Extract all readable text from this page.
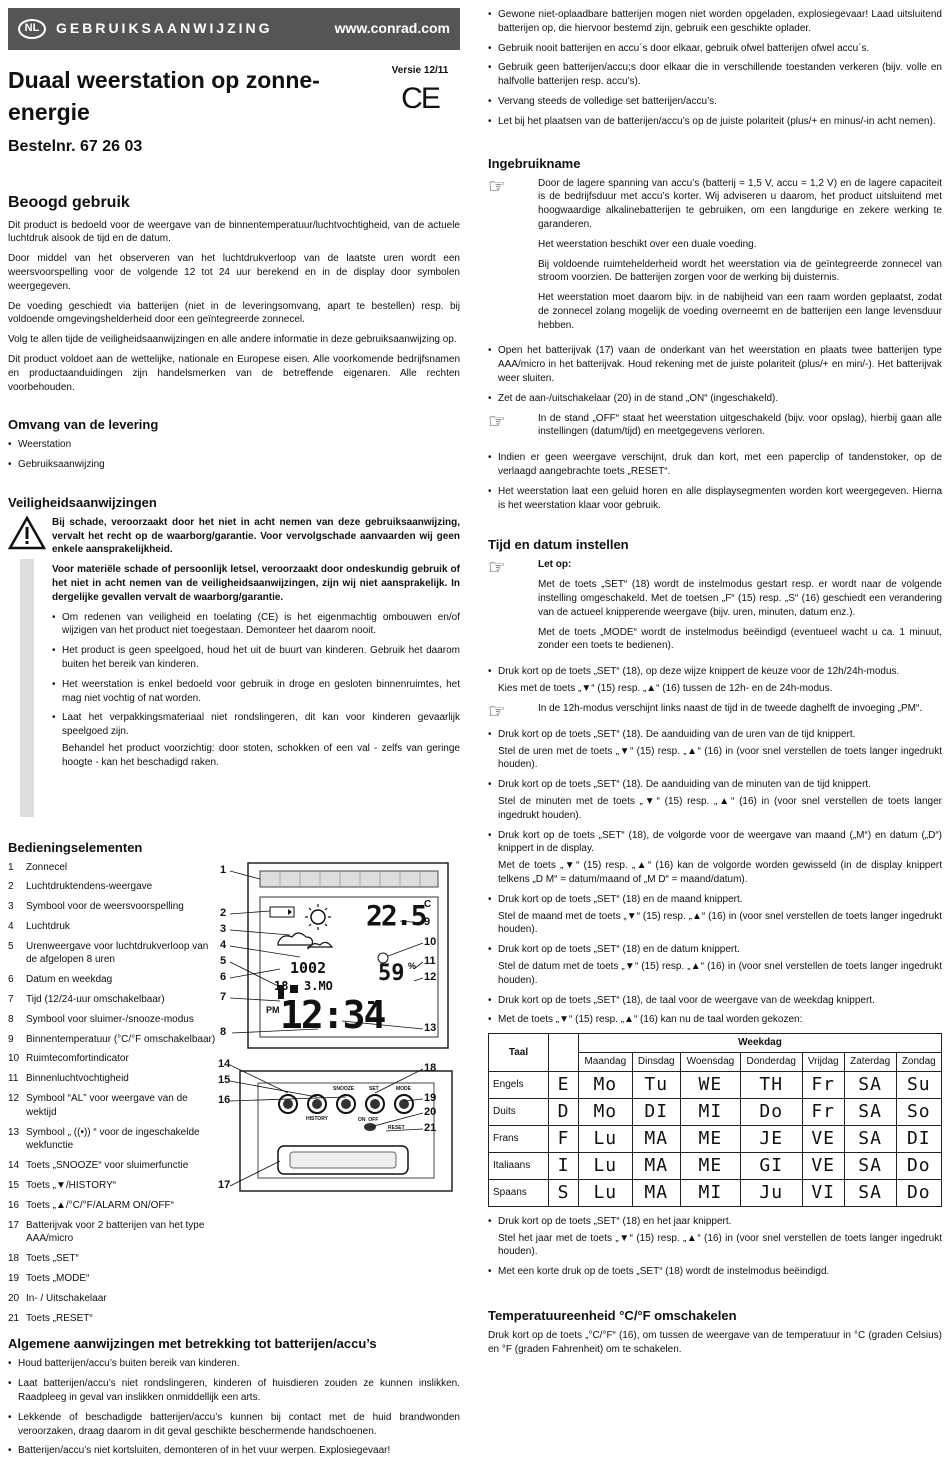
NL	GEBRUIKSAANWIJZING	www.conrad.com
Duaal weerstation op zonne-energie
Versie 12/11
CE
Bestelnr. 67 26 03
Beoogd gebruik

Dit product is bedoeld voor de weergave van de binnentemperatuur/luchtvochtigheid, van de actuele luchtdruk alsook de tijd en de datum.

Door middel van het observeren van het luchtdrukverloop van de laatste uren wordt een weersvoorspelling voor de volgende 12 tot 24 uur berekend en in de display door symbolen weergegeven.

De voeding geschiedt via batterijen (niet in de leveringsomvang, apart te bestellen) resp. bij voldoende omgevingshelderheid door een geïntegreerde zonnecel.

Volg te allen tijde de veiligheidsaanwijzingen en alle andere informatie in deze gebruiksaanwijzing op.

Dit product voldoet aan de wettelijke, nationale en Europese eisen. Alle voorkomende bedrijfsnamen en productaanduidingen zijn handelsmerken van de betreffende eigenaren. Alle rechten voorbehouden.

Omvang van de levering
• Weerstation
• Gebruiksaanwijzing
Veiligheidsaanwijzingen

Bij schade, veroorzaakt door het niet in acht nemen van deze gebruiksaanwijzing, vervalt het recht op de waarborg/garantie. Voor vervolgschade aanvaarden wij geen enkele aansprakelijkheid.

Voor materiële schade of persoonlijk letsel, veroorzaakt door ondeskundig gebruik of het niet in acht nemen van de veiligheidsaanwijzingen, zijn wij niet aansprakelijk. In dergelijke gevallen vervalt de waarborg/garantie.

• Om redenen van veiligheid en toelating (CE) is het eigenmachtig ombouwen en/of wijzigen van het product niet toegestaan. Demonteer het daarom nooit.
• Het product is geen speelgoed, houd het uit de buurt van kinderen. Gebruik het daarom buiten het bereik van kinderen.
• Het weerstation is enkel bedoeld voor gebruik in droge en gesloten binnenruimtes, het mag niet vochtig of nat worden.
• Laat het verpakkingsmateriaal niet rondslingeren, dit kan voor kinderen gevaarlijk speelgoed zijn.

Behandel het product voorzichtig: door stoten, schokken of een val - zelfs van geringe hoogte - kan het beschadigd raken.

Bedieningselementen
1	Zonnecel
2	Luchtdruktendens-weergave
3	Symbool voor de weersvoorspelling
4	Luchtdruk
5	Urenweergave voor luchtdrukverloop van de afgelopen 8 uren
6	Datum en weekdag
7	Tijd (12/24-uur omschakelbaar)
8	Symbool voor sluimer-/snooze-modus
9	Binnentemperatuur (°C/°F omschakelbaar)
10 Ruimtecomfortindicator
11 Binnenluchtvochtigheid
12 Symbool “AL” voor weergave van de wektijd
13 Symbool „ ((•)) “ voor de ingeschakelde wekfunctie
14 Toets „SNOOZE“ voor sluimerfunctie
15 Toets „▼/HISTORY“
16 Toets „▲/°C/°F/ALARM ON/OFF“
17 Batterijvak voor 2 batterijen van het type AAA/micro
18 Toets „SET“
19 Toets „MODE“
20 In- / Uitschakelaar
21 Toets „RESET“
22.5
C
1002 59 %
18. 3.MO
PM 12:34
SNOOZE	SET	MODE
HISTORY	ON  OFF
RESET
1
2
3
4
5
6
7
8
9
10
11
12
13
14
15
16
17
18
19
20
21
Algemene aanwijzingen met betrekking tot batterijen/accu’s
• Houd batterijen/accu’s buiten bereik van kinderen.
• Laat batterijen/accu’s niet rondslingeren, kinderen of huisdieren zouden ze kunnen inslikken. Raadpleeg in geval van inslikken onmiddellijk een arts.
• Lekkende of beschadigde batterijen/accu’s kunnen bij contact met de huid brandwonden veroorzaken, draag daarom in dit geval geschikte beschermende handschoenen.
• Batterijen/accu’s niet kortsluiten, demonteren of in het vuur werpen. Explosiegevaar!
• Gewone niet-oplaadbare batterijen mogen niet worden opgeladen, explosiegevaar! Laad uitsluitend batterijen op, die hiervoor bestemd zijn, gebruik een geschikte oplader.
• Gebruik nooit batterijen en accu´s door elkaar, gebruik ofwel batterijen ofwel accu´s.
• Gebruik geen batterijen/accu;s door elkaar die in verschillende toestanden verkeren (bijv. volle en halfvolle batterijen resp. accu’s).
• Vervang steeds de volledige set batterijen/accu’s.
• Let bij het plaatsen van de batterijen/accu’s op de juiste polariteit (plus/+ en minus/-in acht nemen).
Ingebruikname
☞	Door de lagere spanning van accu’s (batterij = 1,5 V, accu = 1,2 V) en de lagere capaciteit is de bedrijfsduur met accu’s korter. Wij adviseren u daarom, het product uitsluitend met hoogwaardige alkalinebatterijen te gebruiken, om een langdurige en zekere werking te garanderen.

Het weerstation beschikt over een duale voeding.

Bij voldoende ruimtehelderheid wordt het weerstation via de geïntegreerde zonnecel van stroom voorzien. De batterijen zorgen voor de werking bij duisternis.

Het weerstation moet daarom bijv. in de nabijheid van een raam worden geplaatst, zodat de zonnecel zolang mogelijk de voeding overneemt en de batterijen een lange levensduur hebben.

• Open het batterijvak (17) vaan de onderkant van het weerstation en plaats twee batterijen type AAA/micro in het batterijvak. Houd rekening met de juiste polariteit (plus/+ en min/-). Het batterijvak weer sluiten.
• Zet de aan-/uitschakelaar (20) in de stand „ON“ (ingeschakeld).
☞	In de stand „OFF“ staat het weerstation uitgeschakeld (bijv. voor opslag), hierbij gaan alle instellingen (datum/tijd) en meetgegevens verloren.

• Indien er geen weergave verschijnt, druk dan kort, met een paperclip of tandenstoker, op de verlaagd aangebrachte toets „RESET“.
• Het weerstation laat een geluid horen en alle displaysegmenten worden kort weergegeven. Hierna is het weerstation klaar voor gebruik.
Tijd en datum instellen
☞	Let op:

Met de toets „SET“ (18) wordt de instelmodus gestart resp. er wordt naar de volgende instelling omgeschakeld. Met de toetsen „F“ (15) resp. „S“ (16) geschiedt een verandering van de actueel knipperende weergave (bijv. uren, minuten, datum enz.).

Met de toets „MODE“ wordt de instelmodus beëindigd (eventueel wacht u ca. 1 minuut, zonder een toets te bedienen).

• Druk kort op de toets „SET“ (18), op deze wijze knippert de keuze voor de 12h/24h-modus.

Kies met de toets „▼“ (15) resp. „▲“ (16) tussen de 12h- en de 24h-modus.

☞	In de 12h-modus verschijnt links naast de tijd in de tweede daghelft de invoeging „PM“.

• Druk kort op de toets „SET“ (18). De aanduiding van de uren van de tijd knippert.

Stel de uren met de toets „▼“ (15) resp. „▲“ (16) in (voor snel verstellen de toets langer ingedrukt houden).

• Druk kort op de toets „SET“ (18). De aanduiding van de minuten van de tijd knippert.

Stel de minuten met de toets „▼“ (15) resp. „▲“ (16) in (voor snel verstellen de toets langer ingedrukt houden).

• Druk kort op de toets „SET“ (18), de volgorde voor de weergave van maand („M“) en datum („D“) knippert in de display.

Met de toets „▼“ (15) resp. „▲“ (16) kan de volgorde worden gewisseld (in de display knippert telkens „D M“ = datum/maand of „M D“ = maand/datum).

• Druk kort op de toets „SET“ (18) en de maand knippert.

Stel de maand met de toets „▼“ (15) resp. „▲“ (16) in (voor snel verstellen de toets langer ingedrukt houden).

• Druk kort op de toets „SET“ (18) en de datum knippert.

Stel de datum met de toets „▼“ (15) resp. „▲“ (16) in (voor snel verstellen de toets langer ingedrukt houden).

• Druk kort op de toets „SET“ (18), de taal voor de weergave van de weekdag knippert.
• Met de toets „▼“ (15) resp. „▲“ (16) kan nu de taal worden gekozen:
Taal		Weekdag						
		Maandag	Dinsdag	Woensdag	Donderdag	Vrijdag	Zaterdag	Zondag
Engels	E	Mo	Tu	WE	TH	Fr	SA	Su
Duits	D	Mo	DI	MI	Do	Fr	SA	So
Frans	F	Lu	MA	ME	JE	VE	SA	DI
Italiaans	I	Lu	MA	ME	GI	VE	SA	Do
Spaans	S	Lu	MA	MI	Ju	VI	SA	Do
• Druk kort op de toets „SET“ (18) en het jaar knippert.

Stel het jaar met de toets „▼“ (15) resp. „▲“ (16) in (voor snel verstellen de toets langer ingedrukt houden).

• Met een korte druk op de toets „SET“ (18) wordt de instelmodus beëindigd.
Temperatuureenheid °C/°F omschakelen

Druk kort op de toets „°C/°F“ (16), om tussen de weergave van de temperatuur in °C (graden Celsius) en °F (graden Fahrenheit) om te schakelen.
